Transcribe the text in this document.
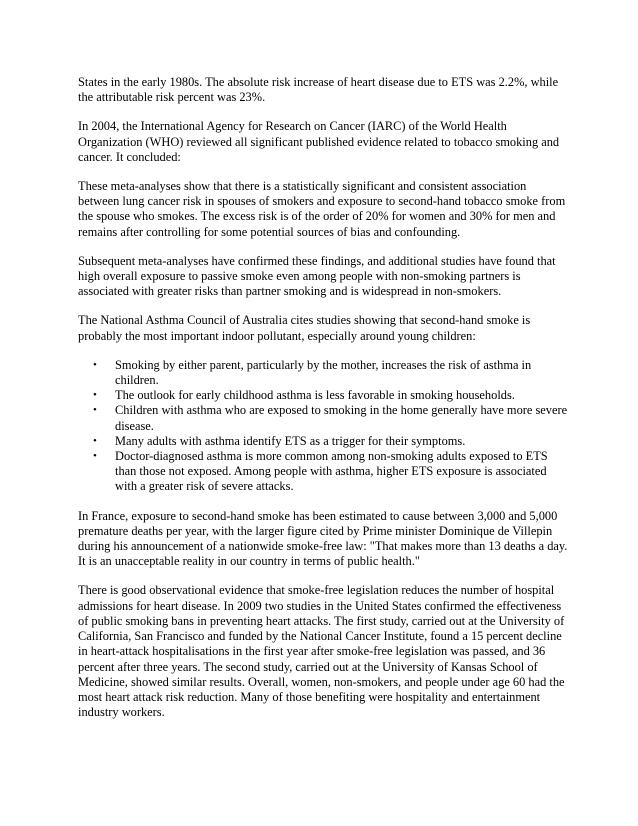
States in the early 1980s. The absolute risk increase of heart disease due to ETS was 2.2%, while the attributable risk percent was 23%.

In 2004, the International Agency for Research on Cancer (IARC) of the World Health Organization (WHO) reviewed all significant published evidence related to tobacco smoking and cancer. It concluded:

These meta-analyses show that there is a statistically significant and consistent association between lung cancer risk in spouses of smokers and exposure to second-hand tobacco smoke from the spouse who smokes. The excess risk is of the order of 20% for women and 30% for men and remains after controlling for some potential sources of bias and confounding.

Subsequent meta-analyses have confirmed these findings, and additional studies have found that high overall exposure to passive smoke even among people with non-smoking partners is associated with greater risks than partner smoking and is widespread in non-smokers.

The National Asthma Council of Australia cites studies showing that second-hand smoke is probably the most important indoor pollutant, especially around young children:

• Smoking by either parent, particularly by the mother, increases the risk of asthma in children.
• The outlook for early childhood asthma is less favorable in smoking households.
• Children with asthma who are exposed to smoking in the home generally have more severe disease.
• Many adults with asthma identify ETS as a trigger for their symptoms.
• Doctor-diagnosed asthma is more common among non-smoking adults exposed to ETS than those not exposed. Among people with asthma, higher ETS exposure is associated with a greater risk of severe attacks.

In France, exposure to second-hand smoke has been estimated to cause between 3,000 and 5,000 premature deaths per year, with the larger figure cited by Prime minister Dominique de Villepin during his announcement of a nationwide smoke-free law: "That makes more than 13 deaths a day. It is an unacceptable reality in our country in terms of public health."

There is good observational evidence that smoke-free legislation reduces the number of hospital admissions for heart disease. In 2009 two studies in the United States confirmed the effectiveness of public smoking bans in preventing heart attacks. The first study, carried out at the University of California, San Francisco and funded by the National Cancer Institute, found a 15 percent decline in heart-attack hospitalisations in the first year after smoke-free legislation was passed, and 36 percent after three years. The second study, carried out at the University of Kansas School of Medicine, showed similar results. Overall, women, non-smokers, and people under age 60 had the most heart attack risk reduction. Many of those benefiting were hospitality and entertainment industry workers.
